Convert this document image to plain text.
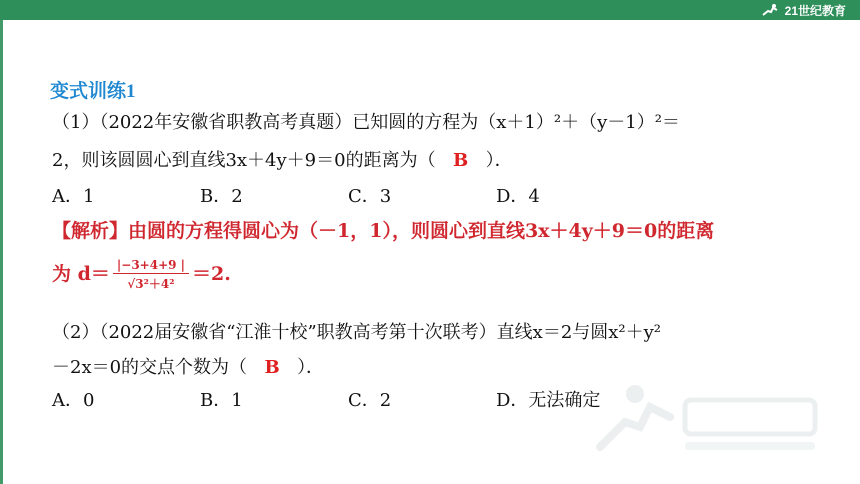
21世纪教育
变式训练1
（1）（2022年安徽省职教高考真题）已知圆的方程为（x＋1）²＋（y－1）²＝
2，则该圆圆心到直线3x＋4y＋9＝0的距离为（ B ）．
A．1	B．2	C．3	D．4
【解析】由圆的方程得圆心为（－1，1），则圆心到直线3x＋4y＋9＝0的距离
为 $d= \frac{|-3+4+9 |}{\text{√3²＋4²}} =2$.
（2）（2022届安徽省“江淮十校”职教高考第十次联考）直线x＝2与圆x²＋y²
－2x＝0的交点个数为（ B ）．
A．0	B．1	C．2	D．无法确定
